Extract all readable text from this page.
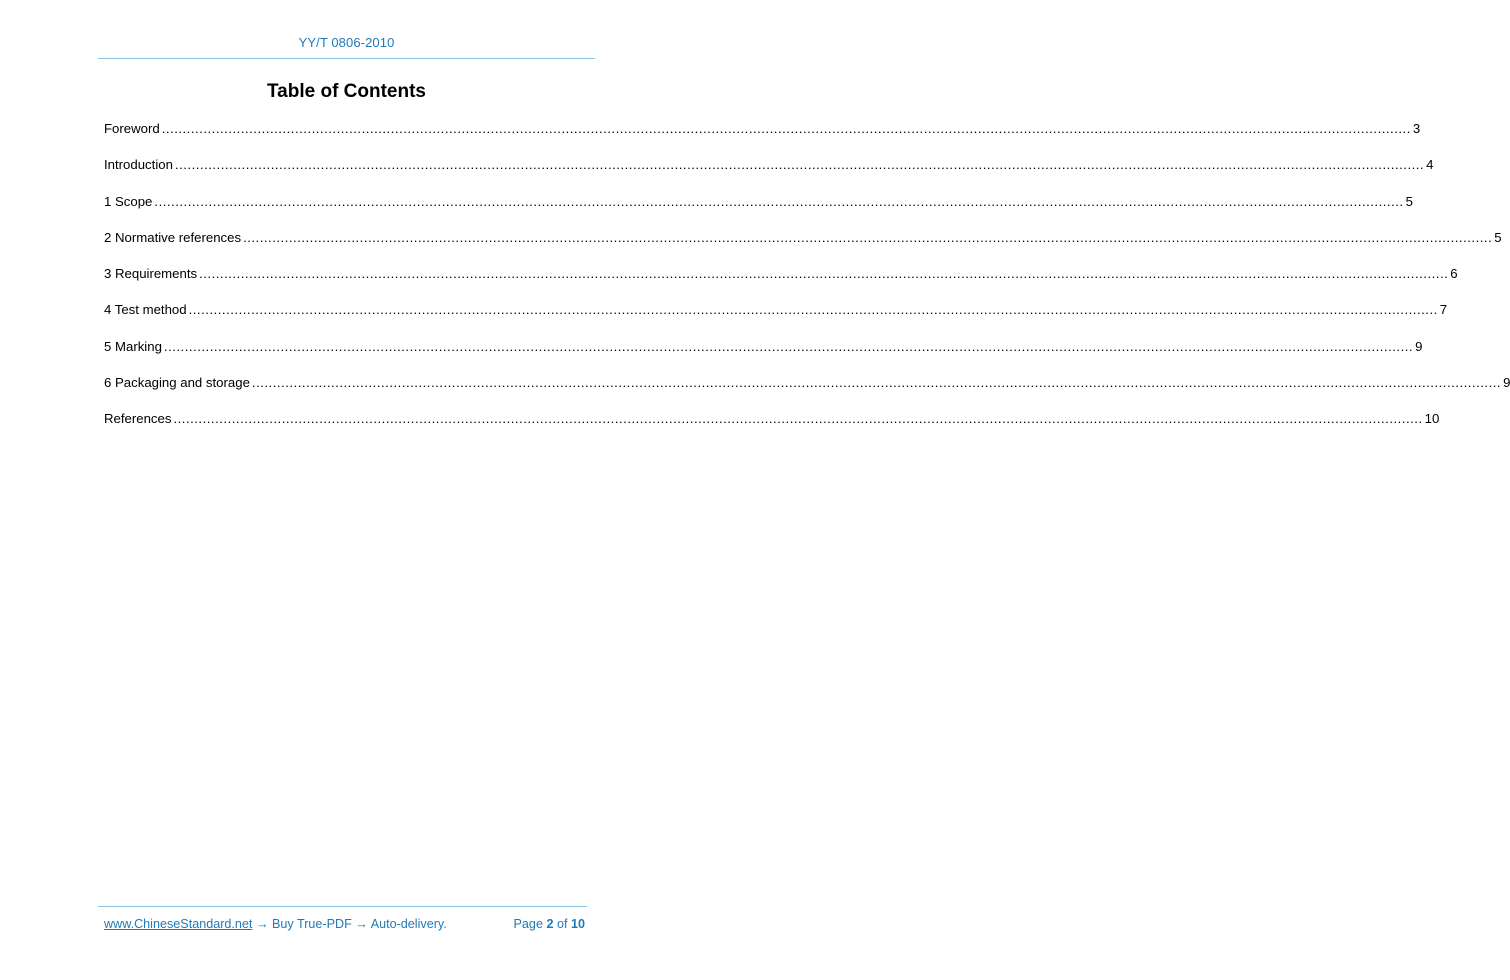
YY/T 0806-2010
Table of Contents
Foreword ............................................................................................................................................................................................................................................................................................................ 3
Introduction ............................................................................................................................................................................................................................................................................................................ 4
1 Scope ............................................................................................................................................................................................................................................................................................................ 5
2 Normative references ............................................................................................................................................................................................................................................................................................................ 5
3 Requirements ............................................................................................................................................................................................................................................................................................................ 6
4 Test method ............................................................................................................................................................................................................................................................................................................ 7
5 Marking ............................................................................................................................................................................................................................................................................................................ 9
6 Packaging and storage ............................................................................................................................................................................................................................................................................................................ 9
References ............................................................................................................................................................................................................................................................................................................ 10
www.ChineseStandard.net → Buy True-PDF → Auto-delivery.	Page 2 of 10
